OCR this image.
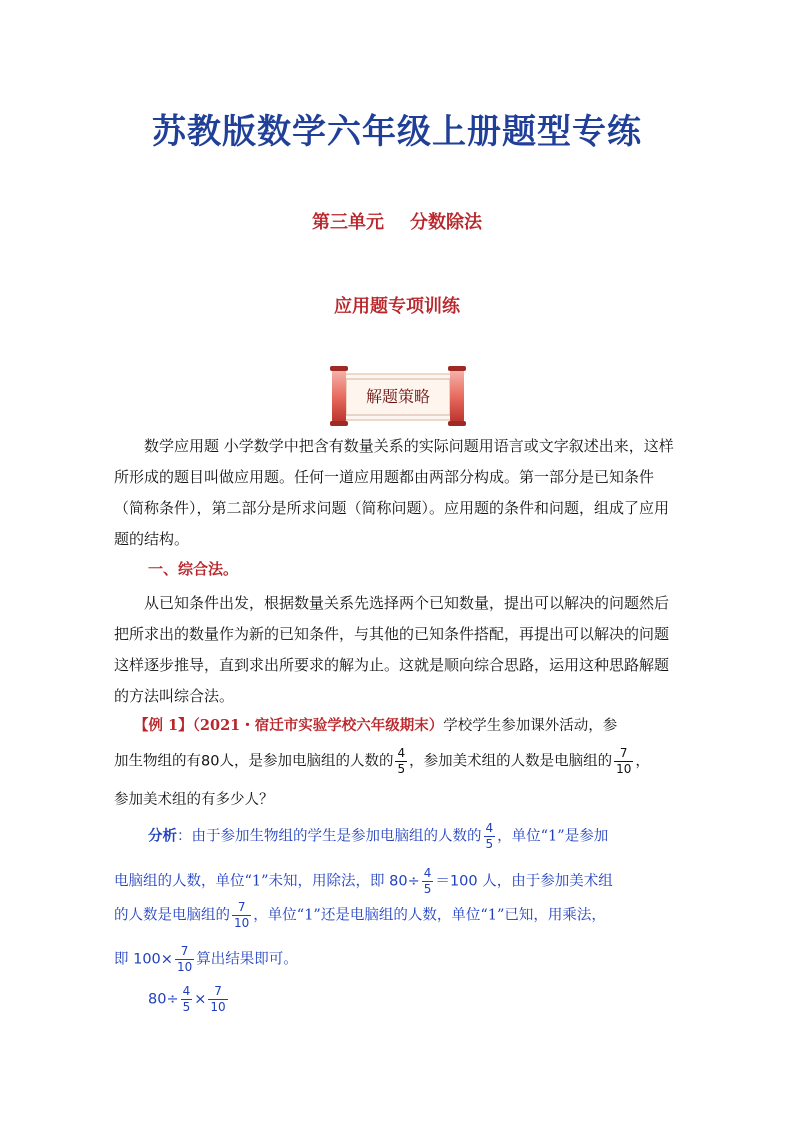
苏教版数学六年级上册题型专练
第三单元 分数除法
应用题专项训练
解题策略
数学应用题 小学数学中把含有数量关系的实际问题用语言或文字叙述出来，这样所形成的题目叫做应用题。任何一道应用题都由两部分构成。第一部分是已知条件（简称条件），第二部分是所求问题（简称问题）。应用题的条件和问题，组成了应用题的结构。
一、综合法。
从已知条件出发，根据数量关系先选择两个已知数量，提出可以解决的问题然后把所求出的数量作为新的已知条件，与其他的已知条件搭配，再提出可以解决的问题 这样逐步推导，直到求出所要求的解为止。这就是顺向综合思路，运用这种思路解题的方法叫综合法。
【例 1】（2021・宿迁市实验学校六年级期末）学校学生参加课外活动，参
加生物组的有80人，是参加电脑组的人数的 $\frac{4}{5}$ ，参加美术组的人数是电脑组的 $\frac{7}{10}$ ，
参加美术组的有多少人？
分析：由于参加生物组的学生是参加电脑组的人数的 $\frac{4}{5}$ ，单位“1”是参加
电脑组的人数，单位“1”未知，用除法，即 $80\div \frac{4}{5} =100$ 人，由于参加美术组
的人数是电脑组的 $\frac{7}{10}$ ，单位“1”还是电脑组的人数，单位“1”已知，用乘法，
即 $100\times \frac{7}{10}$ 算出结果即可。
$80\div \frac{4}{5} \times \frac{7}{10}$
